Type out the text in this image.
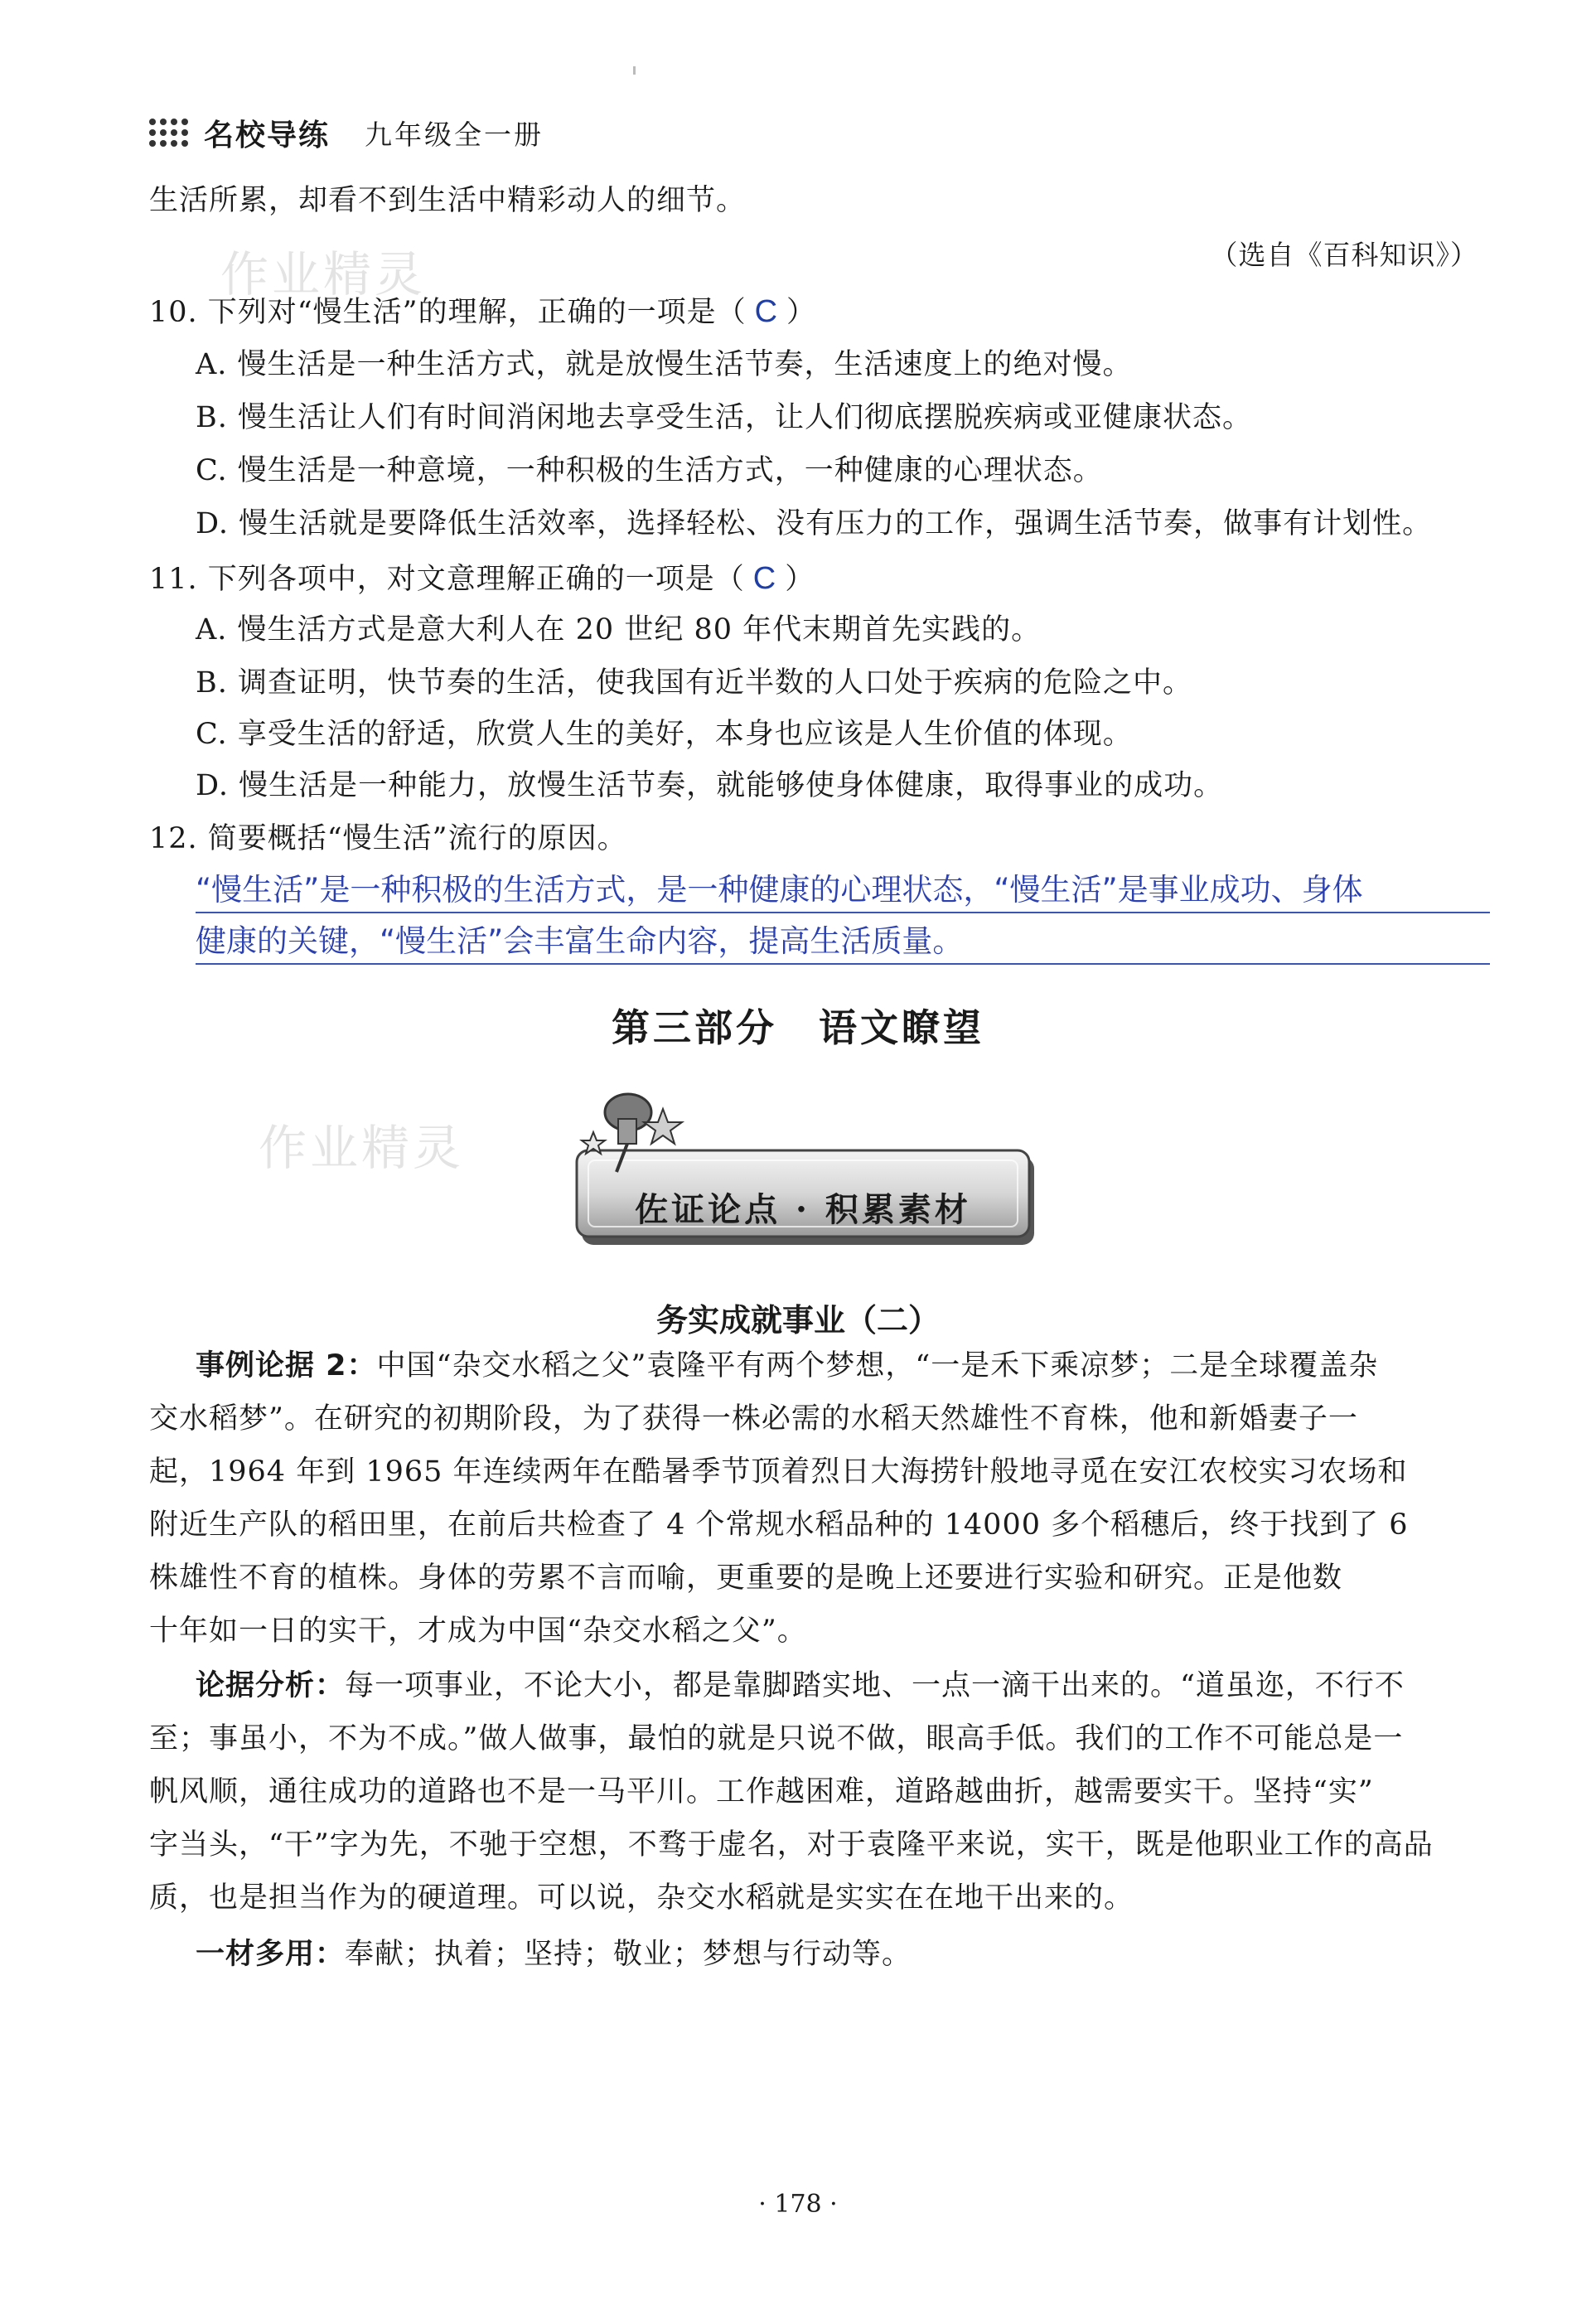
名校导练 九年级全一册
作业精灵
作业精灵
生活所累，却看不到生活中精彩动人的细节。
（选自《百科知识》）
10. 下列对“慢生活”的理解，正确的一项是（ C ）
A. 慢生活是一种生活方式，就是放慢生活节奏，生活速度上的绝对慢。
B. 慢生活让人们有时间消闲地去享受生活，让人们彻底摆脱疾病或亚健康状态。
C. 慢生活是一种意境，一种积极的生活方式，一种健康的心理状态。
D. 慢生活就是要降低生活效率，选择轻松、没有压力的工作，强调生活节奏，做事有计划性。
11. 下列各项中，对文意理解正确的一项是（ C ）
A. 慢生活方式是意大利人在 20 世纪 80 年代末期首先实践的。
B. 调查证明，快节奏的生活，使我国有近半数的人口处于疾病的危险之中。
C. 享受生活的舒适，欣赏人生的美好，本身也应该是人生价值的体现。
D. 慢生活是一种能力，放慢生活节奏，就能够使身体健康，取得事业的成功。
12. 简要概括“慢生活”流行的原因。
“慢生活”是一种积极的生活方式，是一种健康的心理状态，“慢生活”是事业成功、身体
健康的关键，“慢生活”会丰富生命内容，提高生活质量。
第三部分　语文瞭望
佐证论点 · 积累素材
务实成就事业（二）
事例论据 2：中国“杂交水稻之父”袁隆平有两个梦想，“一是禾下乘凉梦；二是全球覆盖杂
交水稻梦”。在研究的初期阶段，为了获得一株必需的水稻天然雄性不育株，他和新婚妻子一
起，1964 年到 1965 年连续两年在酷暑季节顶着烈日大海捞针般地寻觅在安江农校实习农场和
附近生产队的稻田里，在前后共检查了 4 个常规水稻品种的 14000 多个稻穗后，终于找到了 6
株雄性不育的植株。身体的劳累不言而喻，更重要的是晚上还要进行实验和研究。正是他数
十年如一日的实干，才成为中国“杂交水稻之父”。
论据分析：每一项事业，不论大小，都是靠脚踏实地、一点一滴干出来的。“道虽迩，不行不
至；事虽小，不为不成。”做人做事，最怕的就是只说不做，眼高手低。我们的工作不可能总是一
帆风顺，通往成功的道路也不是一马平川。工作越困难，道路越曲折，越需要实干。坚持“实”
字当头，“干”字为先，不驰于空想，不骛于虚名，对于袁隆平来说，实干，既是他职业工作的高品
质，也是担当作为的硬道理。可以说，杂交水稻就是实实在在地干出来的。
一材多用：奉献；执着；坚持；敬业；梦想与行动等。
· 178 ·
